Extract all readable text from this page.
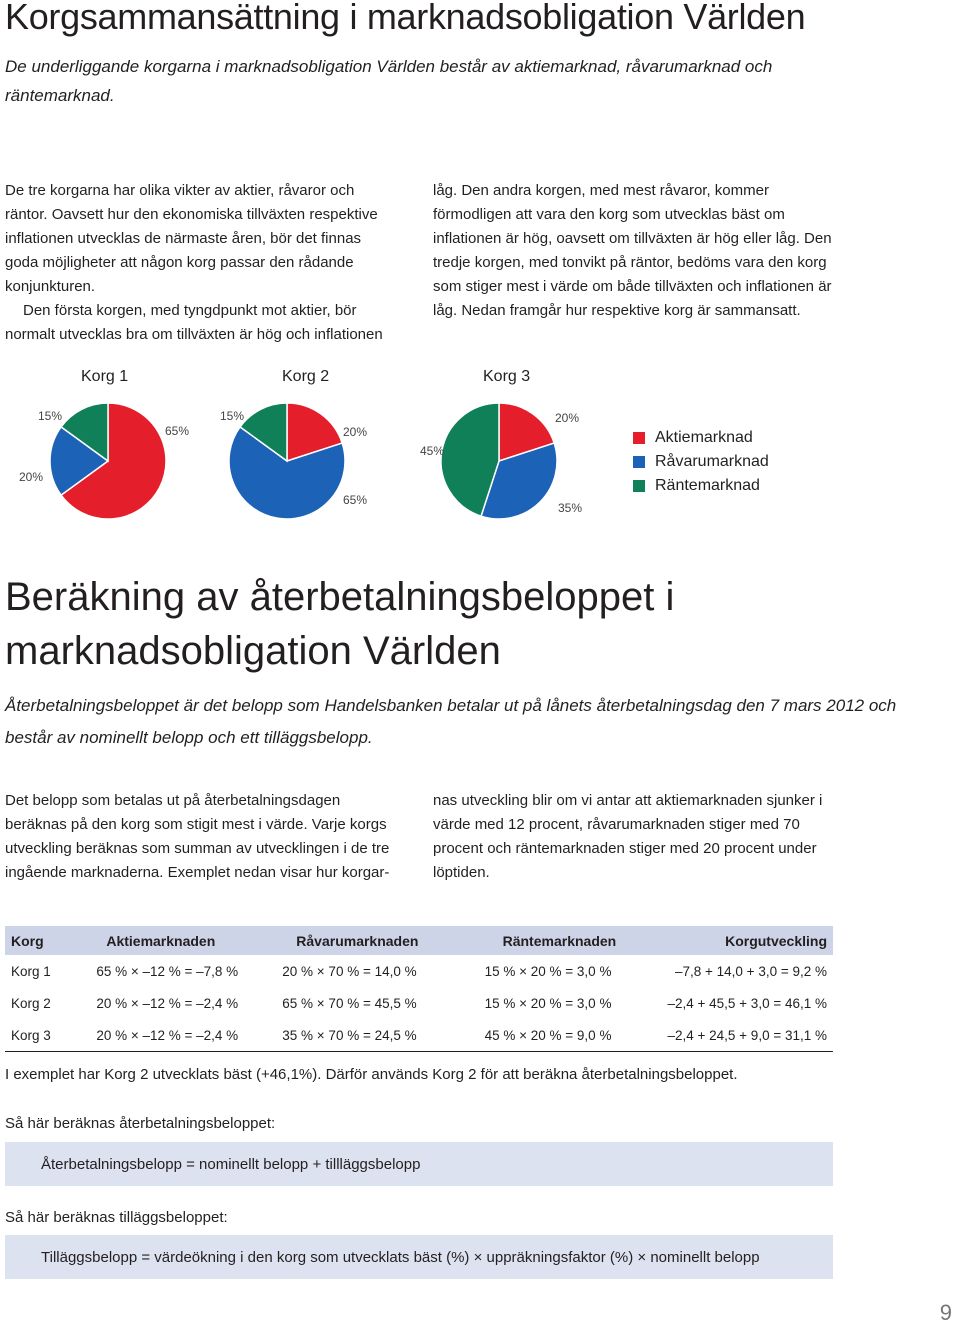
Korgsammansättning i marknadsobligation Världen
De underliggande korgarna i marknadsobligation Världen består av aktiemarknad, råvarumarknad och räntemarknad.

De tre korgarna har olika vikter av aktier, råvaror och räntor. Oavsett hur den ekonomiska tillväxten respektive inflationen utvecklas de närmaste åren, bör det finnas goda möjligheter att någon korg passar den rådande konjunkturen.

Den första korgen, med tyngdpunkt mot aktier, bör normalt utvecklas bra om tillväxten är hög och inflationen

låg. Den andra korgen, med mest råvaror, kommer förmodligen att vara den korg som utvecklas bäst om inflationen är hög, oavsett om tillväxten är hög eller låg. Den tredje korgen, med tonvikt på räntor, bedöms vara den korg som stiger mest i värde om både tillväxten och inflationen är låg. Nedan framgår hur respektive korg är sammansatt.

Korg 1	Korg 2	Korg 3
15%
65%
20%
15%
20%
65%
20%
45%
35%
Aktiemarknad
Råvarumarknad
Räntemarknad
Beräkning av återbetalningsbeloppet i marknadsobligation Världen
Återbetalningsbeloppet är det belopp som Handelsbanken betalar ut på lånets återbetalningsdag den 7 mars 2012 och består av nominellt belopp och ett tilläggsbelopp.
Det belopp som betalas ut på återbetalningsdagen beräknas på den korg som stigit mest i värde. Varje korgs utveckling beräknas som summan av utvecklingen i de tre ingående marknaderna. Exemplet nedan visar hur korgar-
nas utveckling blir om vi antar att aktiemarknaden sjunker i värde med 12 procent, råvarumarknaden stiger med 70 procent och räntemarknaden stiger med 20 procent under löptiden.
Korg	Aktiemarknaden	Råvarumarknaden	Räntemarknaden	Korgutveckling
Korg 1	65 % × –12 % = –7,8 %	20 % × 70 % = 14,0 %	15 % × 20 % = 3,0 %	–7,8 + 14,0 + 3,0 = 9,2 %
Korg 2	20 % × –12 % = –2,4 %	65 % × 70 % = 45,5 %	15 % × 20 % = 3,0 %	–2,4 + 45,5 + 3,0 = 46,1 %
Korg 3	20 % × –12 % = –2,4 %	35 % × 70 % = 24,5 %	45 % × 20 % = 9,0 %	–2,4 + 24,5 + 9,0 = 31,1 %
I exemplet har Korg 2 utvecklats bäst (+46,1%). Därför används Korg 2 för att beräkna återbetalningsbeloppet.
Så här beräknas återbetalningsbeloppet:
Återbetalningsbelopp = nominellt belopp + tillläggsbelopp
Så här beräknas tilläggsbeloppet:
Tilläggsbelopp = värdeökning i den korg som utvecklats bäst (%) × uppräkningsfaktor (%) × nominellt belopp
9
